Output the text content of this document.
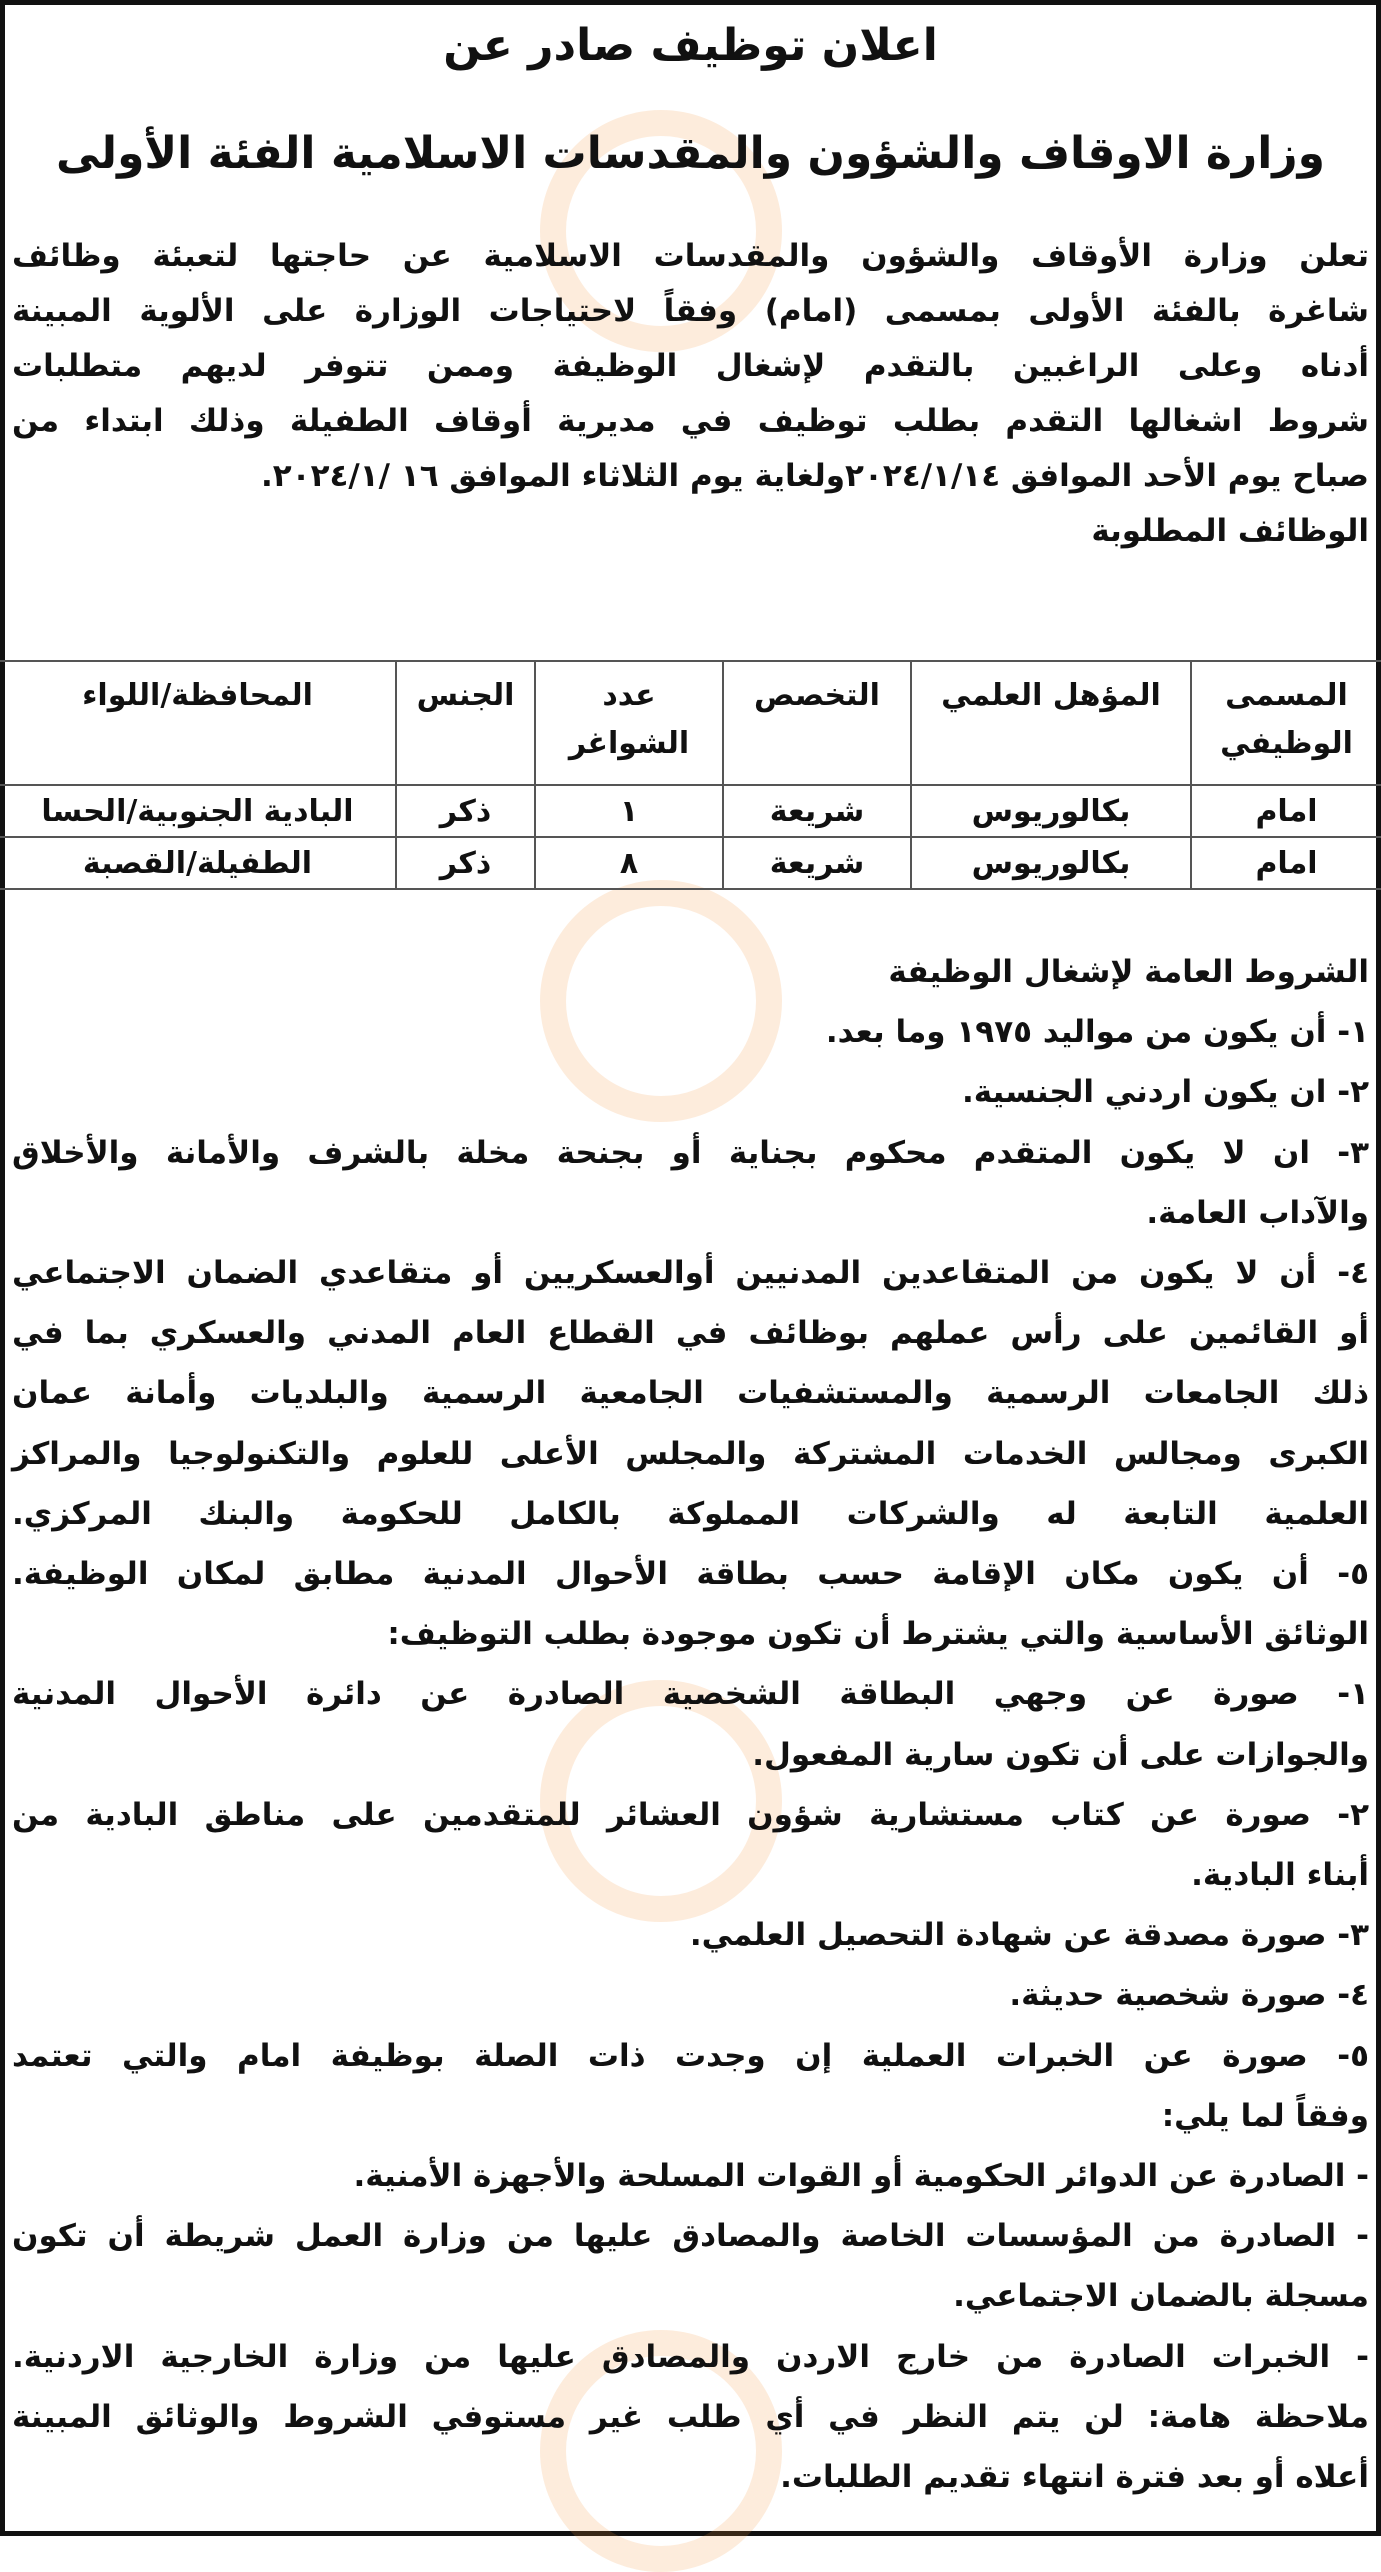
اعلان توظيف صادر عن
وزارة الاوقاف والشؤون والمقدسات الاسلامية الفئة الأولى
تعلن وزارة الأوقاف والشؤون والمقدسات الاسلامية عن حاجتها لتعبئة وظائف
شاغرة بالفئة الأولى بمسمى (امام) وفقاً لاحتياجات الوزارة على الألوية المبينة
أدناه وعلى الراغبين بالتقدم لإشغال الوظيفة وممن تتوفر لديهم متطلبات
شروط اشغالها التقدم بطلب توظيف في مديرية أوقاف الطفيلة وذلك ابتداء من
صباح يوم الأحد الموافق ٢٠٢٤/١/١٤ولغاية يوم الثلاثاء الموافق ١٦ /٢٠٢٤/١.
الوظائف المطلوبة
المسمى الوظيفي	المؤهل العلمي	التخصص	عدد الشواغر	الجنس	المحافظة/اللواء
امام	بكالوريوس	شريعة	١	ذكر	البادية الجنوبية/الحسا
امام	بكالوريوس	شريعة	٨	ذكر	الطفيلة/القصبة
الشروط العامة لإشغال الوظيفة
١- أن يكون من مواليد ١٩٧٥ وما بعد.
٢- ان يكون اردني الجنسية.
٣- ان لا يكون المتقدم محكوم بجناية أو بجنحة مخلة بالشرف والأمانة والأخلاق
والآداب العامة.
٤- أن لا يكون من المتقاعدين المدنيين أوالعسكريين أو متقاعدي الضمان الاجتماعي
أو القائمين على رأس عملهم بوظائف في القطاع العام المدني والعسكري بما في
ذلك الجامعات الرسمية والمستشفيات الجامعية الرسمية والبلديات وأمانة عمان
الكبرى ومجالس الخدمات المشتركة والمجلس الأعلى للعلوم والتكنولوجيا والمراكز
العلمية التابعة له والشركات المملوكة بالكامل للحكومة والبنك المركزي.
٥- أن يكون مكان الإقامة حسب بطاقة الأحوال المدنية مطابق لمكان الوظيفة.
الوثائق الأساسية والتي يشترط أن تكون موجودة بطلب التوظيف:
١- صورة عن وجهي البطاقة الشخصية الصادرة عن دائرة الأحوال المدنية
والجوازات على أن تكون سارية المفعول.
٢- صورة عن كتاب مستشارية شؤون العشائر للمتقدمين على مناطق البادية من
أبناء البادية.
٣- صورة مصدقة عن شهادة التحصيل العلمي.
٤- صورة شخصية حديثة.
٥- صورة عن الخبرات العملية إن وجدت ذات الصلة بوظيفة امام والتي تعتمد
وفقاً لما يلي:
- الصادرة عن الدوائر الحكومية أو القوات المسلحة والأجهزة الأمنية.
- الصادرة من المؤسسات الخاصة والمصادق عليها من وزارة العمل شريطة أن تكون
مسجلة بالضمان الاجتماعي.
- الخبرات الصادرة من خارج الاردن والمصادق عليها من وزارة الخارجية الاردنية.
ملاحظة هامة: لن يتم النظر في أي طلب غير مستوفي الشروط والوثائق المبينة
أعلاه أو بعد فترة انتهاء تقديم الطلبات.
